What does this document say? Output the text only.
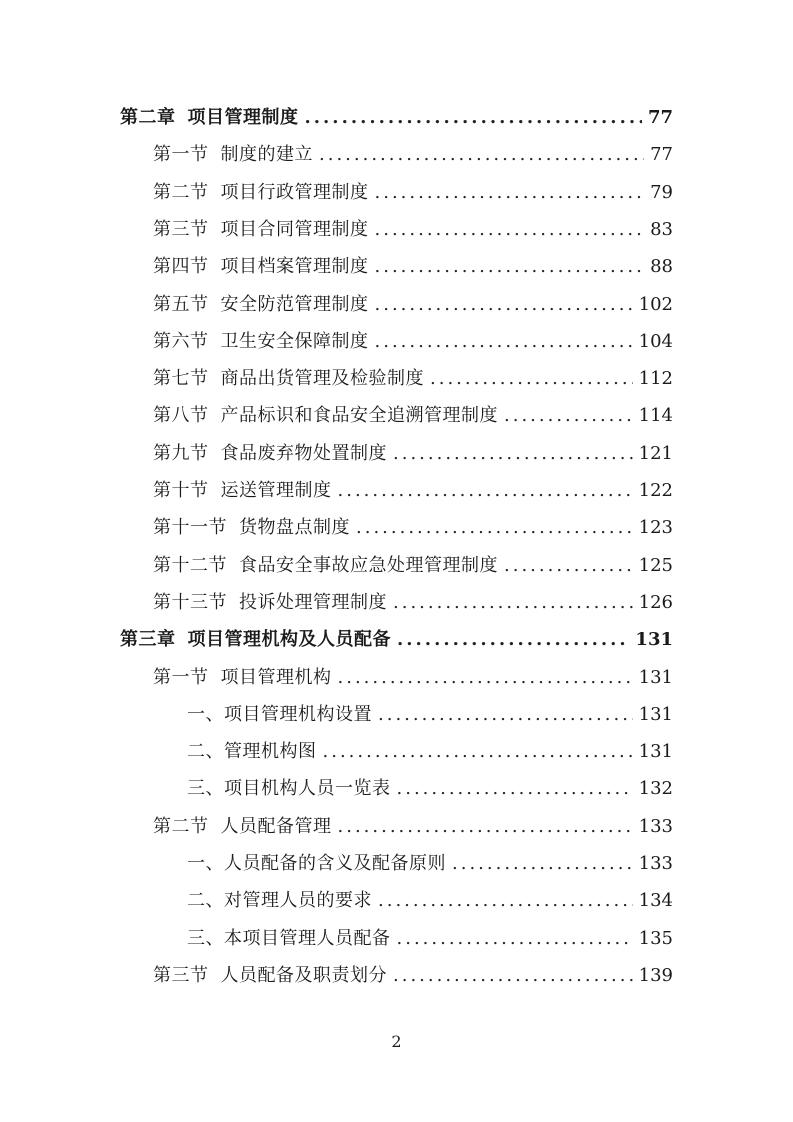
第二章 项目管理制度 .....	77
第一节 制度的建立 .....	77
第二节 项目行政管理制度 .....	79
第三节 项目合同管理制度 .....	83
第四节 项目档案管理制度 .....	88
第五节 安全防范管理制度 .....	102
第六节 卫生安全保障制度 .....	104
第七节 商品出货管理及检验制度 .....	112
第八节 产品标识和食品安全追溯管理制度 .....	114
第九节 食品废弃物处置制度 .....	121
第十节 运送管理制度 .....	122
第十一节 货物盘点制度 .....	123
第十二节 食品安全事故应急处理管理制度 .....	125
第十三节 投诉处理管理制度 .....	126
第三章 项目管理机构及人员配备 .....	131
第一节 项目管理机构 .....	131
一、项目管理机构设置 .....	131
二、管理机构图 .....	131
三、项目机构人员一览表 .....	132
第二节 人员配备管理 .....	133
一、人员配备的含义及配备原则 .....	133
二、对管理人员的要求 .....	134
三、本项目管理人员配备 .....	135
第三节 人员配备及职责划分 .....	139
2
